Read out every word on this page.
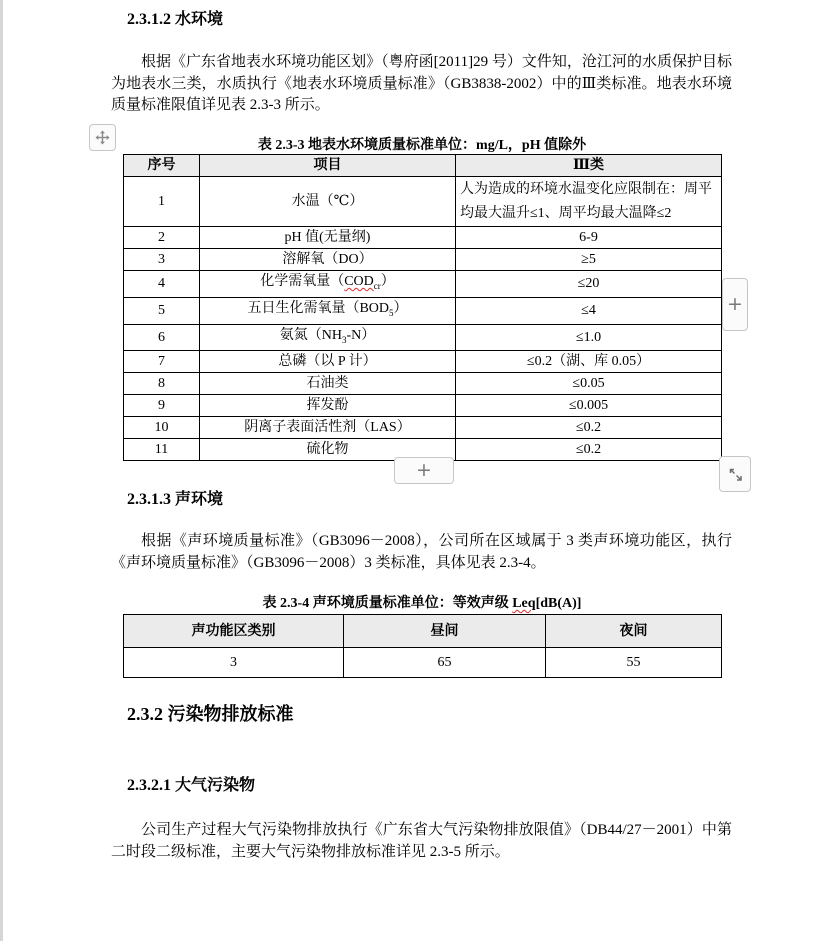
+
+
2.3.1.2 水环境
根据《广东省地表水环境功能区划》（粤府函[2011]29 号）文件知，沧江河的水质保护目标为地表水三类，水质执行《地表水环境质量标准》（GB3838-2002）中的Ⅲ类标准。地表水环境质量标准限值详见表 2.3-3 所示。
表 2.3-3 地表水环境质量标准单位：mg/L，pH 值除外
序号	项目	Ⅲ类
1	水温（℃）	人为造成的环境水温变化应限制在：周平均最大温升≤1、周平均最大温降≤2
2	pH 值(无量纲)	6-9
3	溶解氧（DO）	≥5
4	化学需氧量$(COD_{cr})$	≤20
5	五日生化需氧量$(BOD_5)$	≤4
6	氨氮$(NH_3-N)$	≤1.0
7	总磷（以 P 计）	≤0.2（湖、库 0.05）
8	石油类	≤0.05
9	挥发酚	≤0.005
10	阴离子表面活性剂（LAS）	≤0.2
11	硫化物	≤0.2
2.3.1.3 声环境
根据《声环境质量标准》（GB3096－2008），公司所在区域属于 3 类声环境功能区，执行《声环境质量标准》（GB3096－2008）3 类标准，具体见表 2.3-4。
表 2.3-4 声环境质量标准单位：等效声级 Leq[dB(A)]
声功能区类别	昼间	夜间
3	65	55
2.3.2 污染物排放标准
2.3.2.1 大气污染物
公司生产过程大气污染物排放执行《广东省大气污染物排放限值》（DB44/27－2001）中第二时段二级标准，主要大气污染物排放标准详见 2.3-5 所示。
